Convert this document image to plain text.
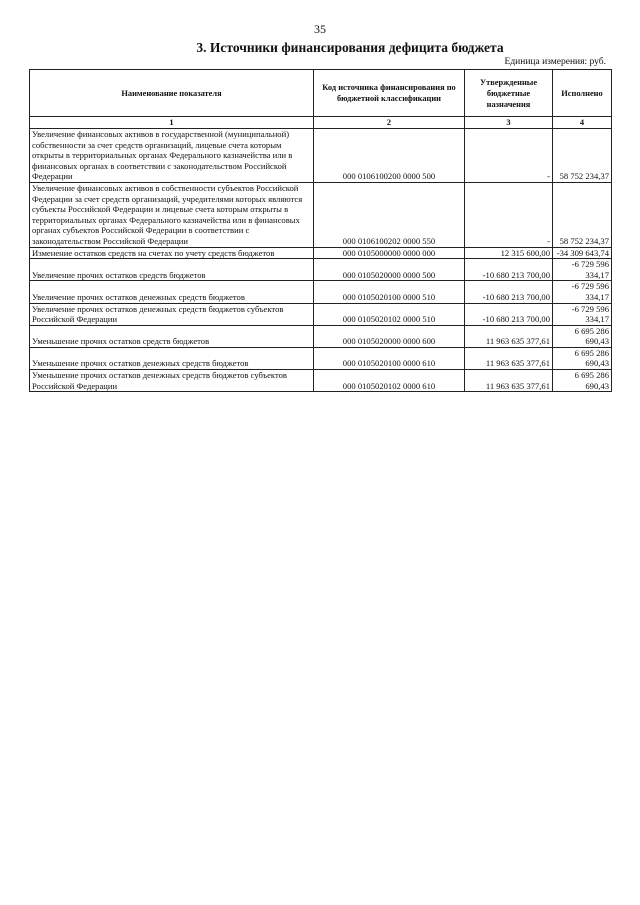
35
3. Источники финансирования дефицита бюджета
Единица измерения: руб.
Наименование показателя	Код источника финансирования по бюджетной классификации	Утвержденные бюджетные назначения	Исполнено
1	2	3	4
Увеличение финансовых активов в государственной (муниципальной) собственности за счет средств организаций, лицевые счета которым открыты в территориальных органах Федерального казначейства или в финансовых органах в соответствии с законодательством Российской Федерации	000 0106100200 0000 500	-	58 752 234,37
Увеличение финансовых активов в собственности субъектов Российской Федерации за счет средств организаций, учредителями которых являются субъекты Российской Федерации и лицевые счета которым открыты в территориальных органах Федерального казначейства или в финансовых органах субъектов Российской Федерации в соответствии с законодательством Российской Федерации	000 0106100202 0000 550	-	58 752 234,37
Изменение остатков средств на счетах по учету средств бюджетов	000 0105000000 0000 000	12 315 600,00	-34 309 643,74
Увеличение прочих остатков средств бюджетов	000 0105020000 0000 500	-10 680 213 700,00	-6 729 596 334,17
Увеличение прочих остатков денежных средств бюджетов	000 0105020100 0000 510	-10 680 213 700,00	-6 729 596 334,17
Увеличение прочих остатков денежных средств бюджетов субъектов Российской Федерации	000 0105020102 0000 510	-10 680 213 700,00	-6 729 596 334,17
Уменьшение прочих остатков средств бюджетов	000 0105020000 0000 600	11 963 635 377,61	6 695 286 690,43
Уменьшение прочих остатков денежных средств бюджетов	000 0105020100 0000 610	11 963 635 377,61	6 695 286 690,43
Уменьшение прочих остатков денежных средств бюджетов субъектов Российской Федерации	000 0105020102 0000 610	11 963 635 377,61	6 695 286 690,43
